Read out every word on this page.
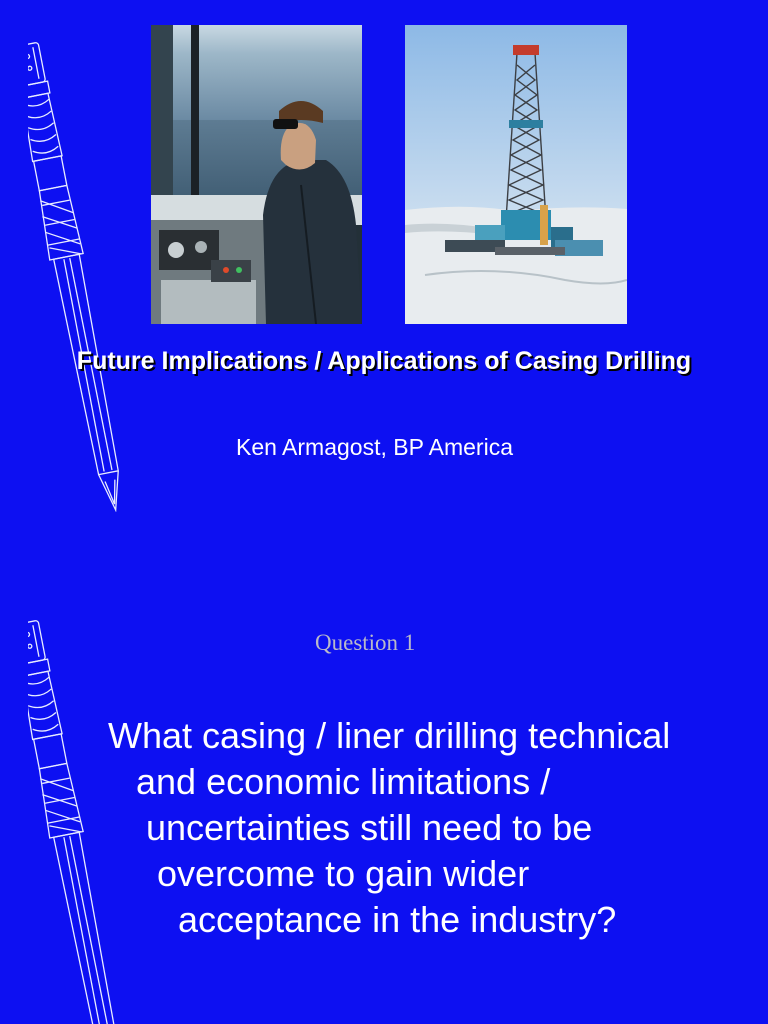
Future Implications / Applications of Casing Drilling
Ken Armagost, BP America
Question 1
What casing / liner drilling technical
and economic limitations /
uncertainties still need to be
overcome to gain wider
acceptance in the industry?
